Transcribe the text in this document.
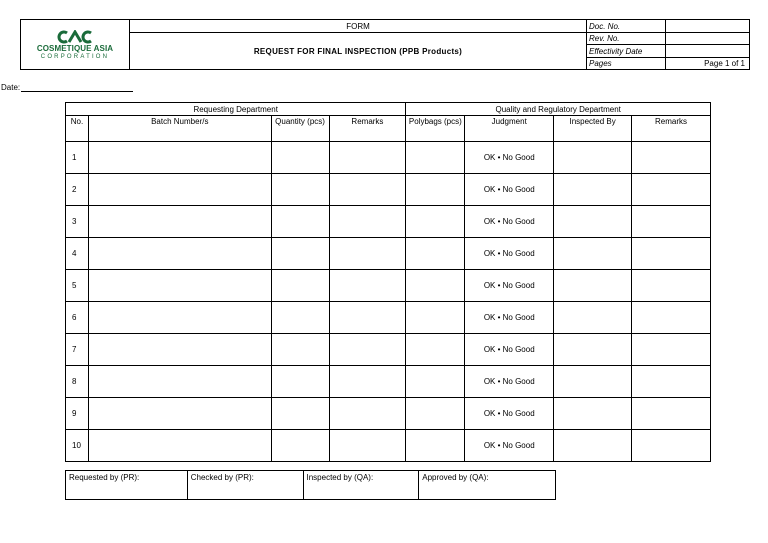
COSMETIQUE ASIA
CORPORATION	FORM	Doc. No.	
	REQUEST FOR FINAL INSPECTION (PPB Products)	Rev. No.	
		Effectivity Date	
		Pages	Page 1 of 1
Date:
Requesting Department				Quality and Regulatory Department			
No.	Batch Number/s	Quantity (pcs)	Remarks	Polybags (pcs)	Judgment	Inspected By	Remarks
1					OK • No Good		
2					OK • No Good		
3					OK • No Good		
4					OK • No Good		
5					OK • No Good		
6					OK • No Good		
7					OK • No Good		
8					OK • No Good		
9					OK • No Good		
10					OK • No Good		
Requested by (PR):	Checked by (PR):	Inspected by (QA):	Approved by (QA):
